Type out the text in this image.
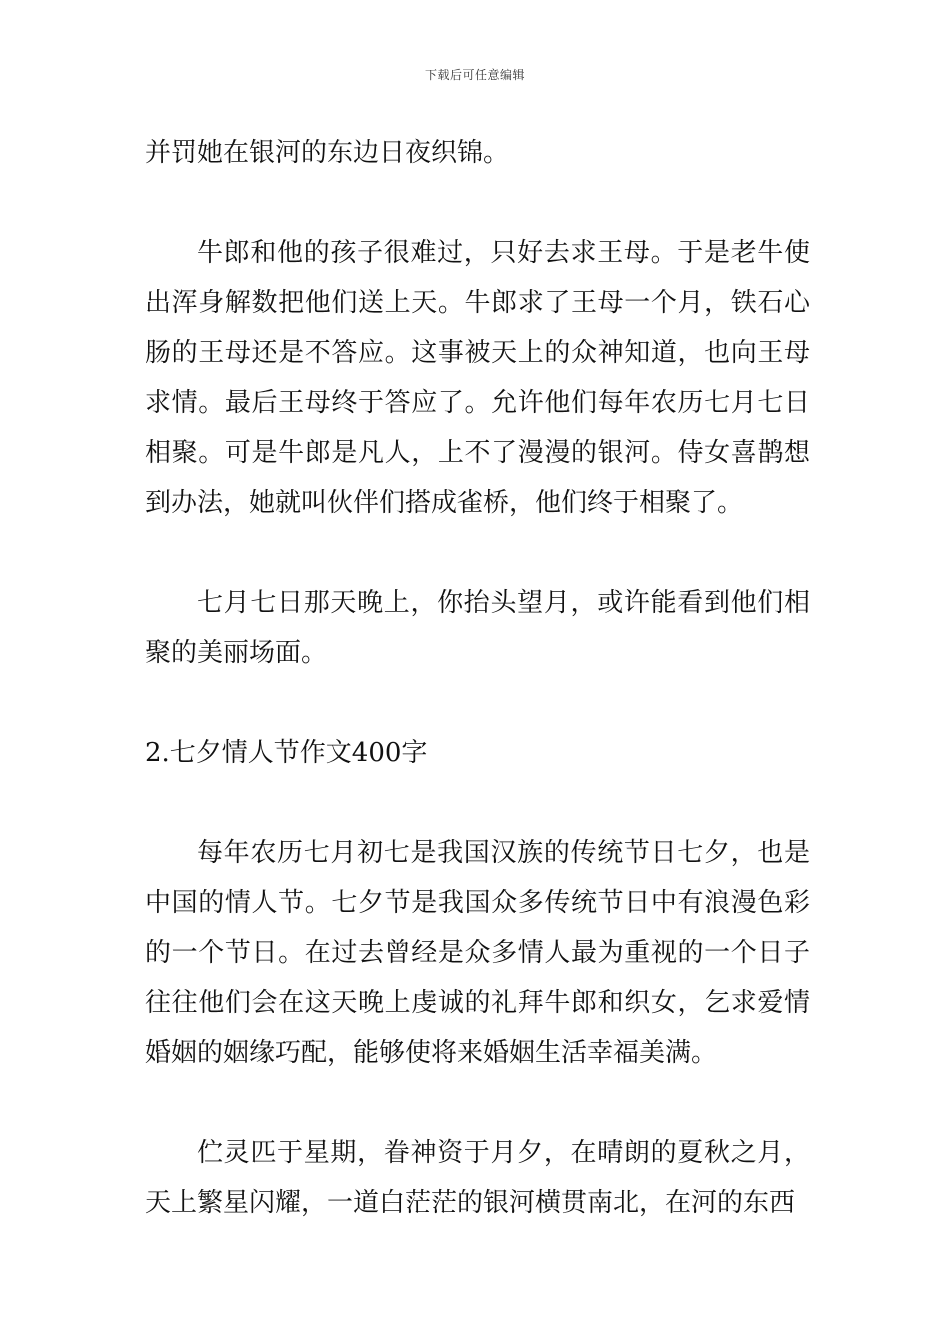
下载后可任意编辑

并罚她在银河的东边日夜织锦。

牛郎和他的孩子很难过，只好去求王母。于是老牛使出浑身解数把他们送上天。牛郎求了王母一个月，铁石心肠的王母还是不答应。这事被天上的众神知道，也向王母求情。最后王母终于答应了。允许他们每年农历七月七日相聚。可是牛郎是凡人，上不了漫漫的银河。侍女喜鹊想到办法，她就叫伙伴们搭成雀桥，他们终于相聚了。

七月七日那天晚上，你抬头望月，或许能看到他们相聚的美丽场面。

2.七夕情人节作文400字

每年农历七月初七是我国汉族的传统节日七夕，也是中国的情人节。七夕节是我国众多传统节日中有浪漫色彩的一个节日。在过去曾经是众多情人最为重视的一个日子往往他们会在这天晚上虔诚的礼拜牛郎和织女，乞求爱情婚姻的姻缘巧配，能够使将来婚姻生活幸福美满。

伫灵匹于星期，眷神资于月夕，在晴朗的夏秋之月，天上繁星闪耀，一道白茫茫的银河横贯南北，在河的东西
